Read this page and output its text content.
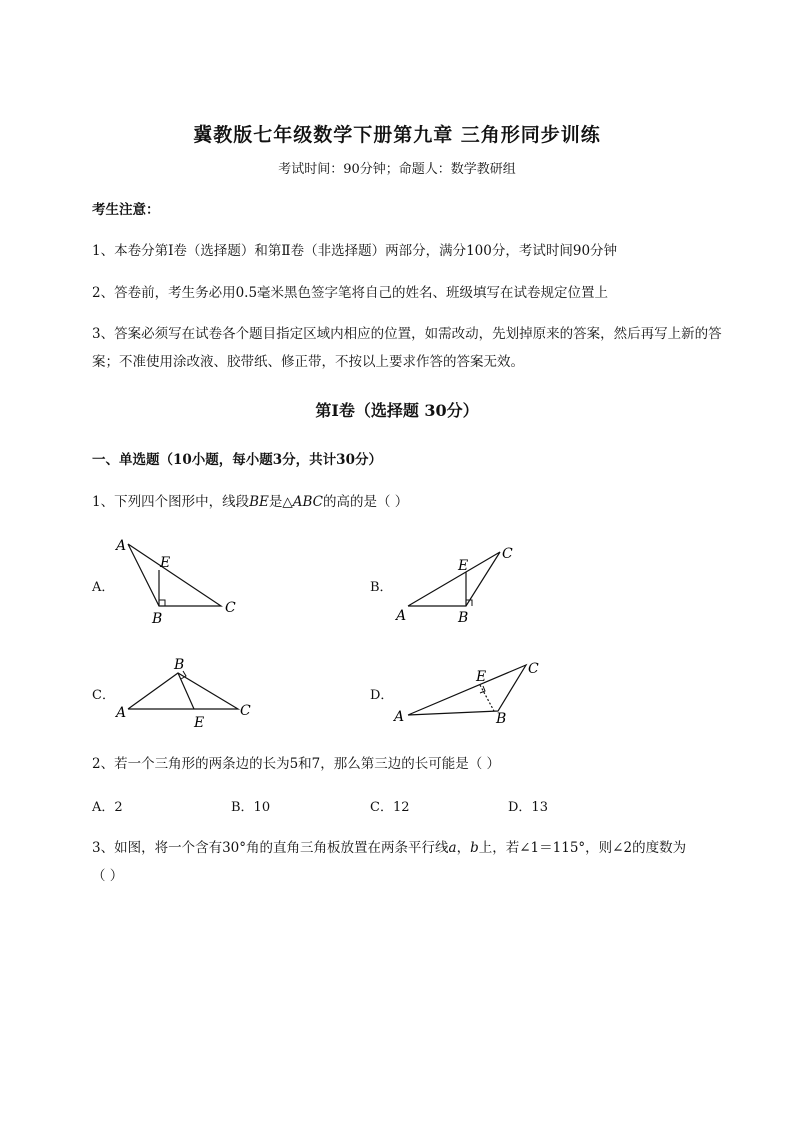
冀教版七年级数学下册第九章 三角形同步训练
考试时间：90分钟；命题人：数学教研组
考生注意：
1、本卷分第I卷（选择题）和第Ⅱ卷（非选择题）两部分，满分100分，考试时间90分钟
2、答卷前，考生务必用0.5毫米黑色签字笔将自己的姓名、班级填写在试卷规定位置上
3、答案必须写在试卷各个题目指定区域内相应的位置，如需改动，先划掉原来的答案，然后再写上新的答案；不准使用涂改液、胶带纸、修正带，不按以上要求作答的答案无效。
第I卷（选择题 30分）
一、单选题（10小题，每小题3分，共计30分）
1、下列四个图形中，线段BE是△ABC的高的是（ ）
A．
A
E
B
C
B．
A
E
B
C
C．
A
B
E
C
D．
A
E
B
C
2、若一个三角形的两条边的长为5和7，那么第三边的长可能是（ ）
A．2	B．10	C．12	D．13
3、如图，将一个含有30°角的直角三角板放置在两条平行线a，b上，若∠1＝115°，则∠2的度数为
（ ）
